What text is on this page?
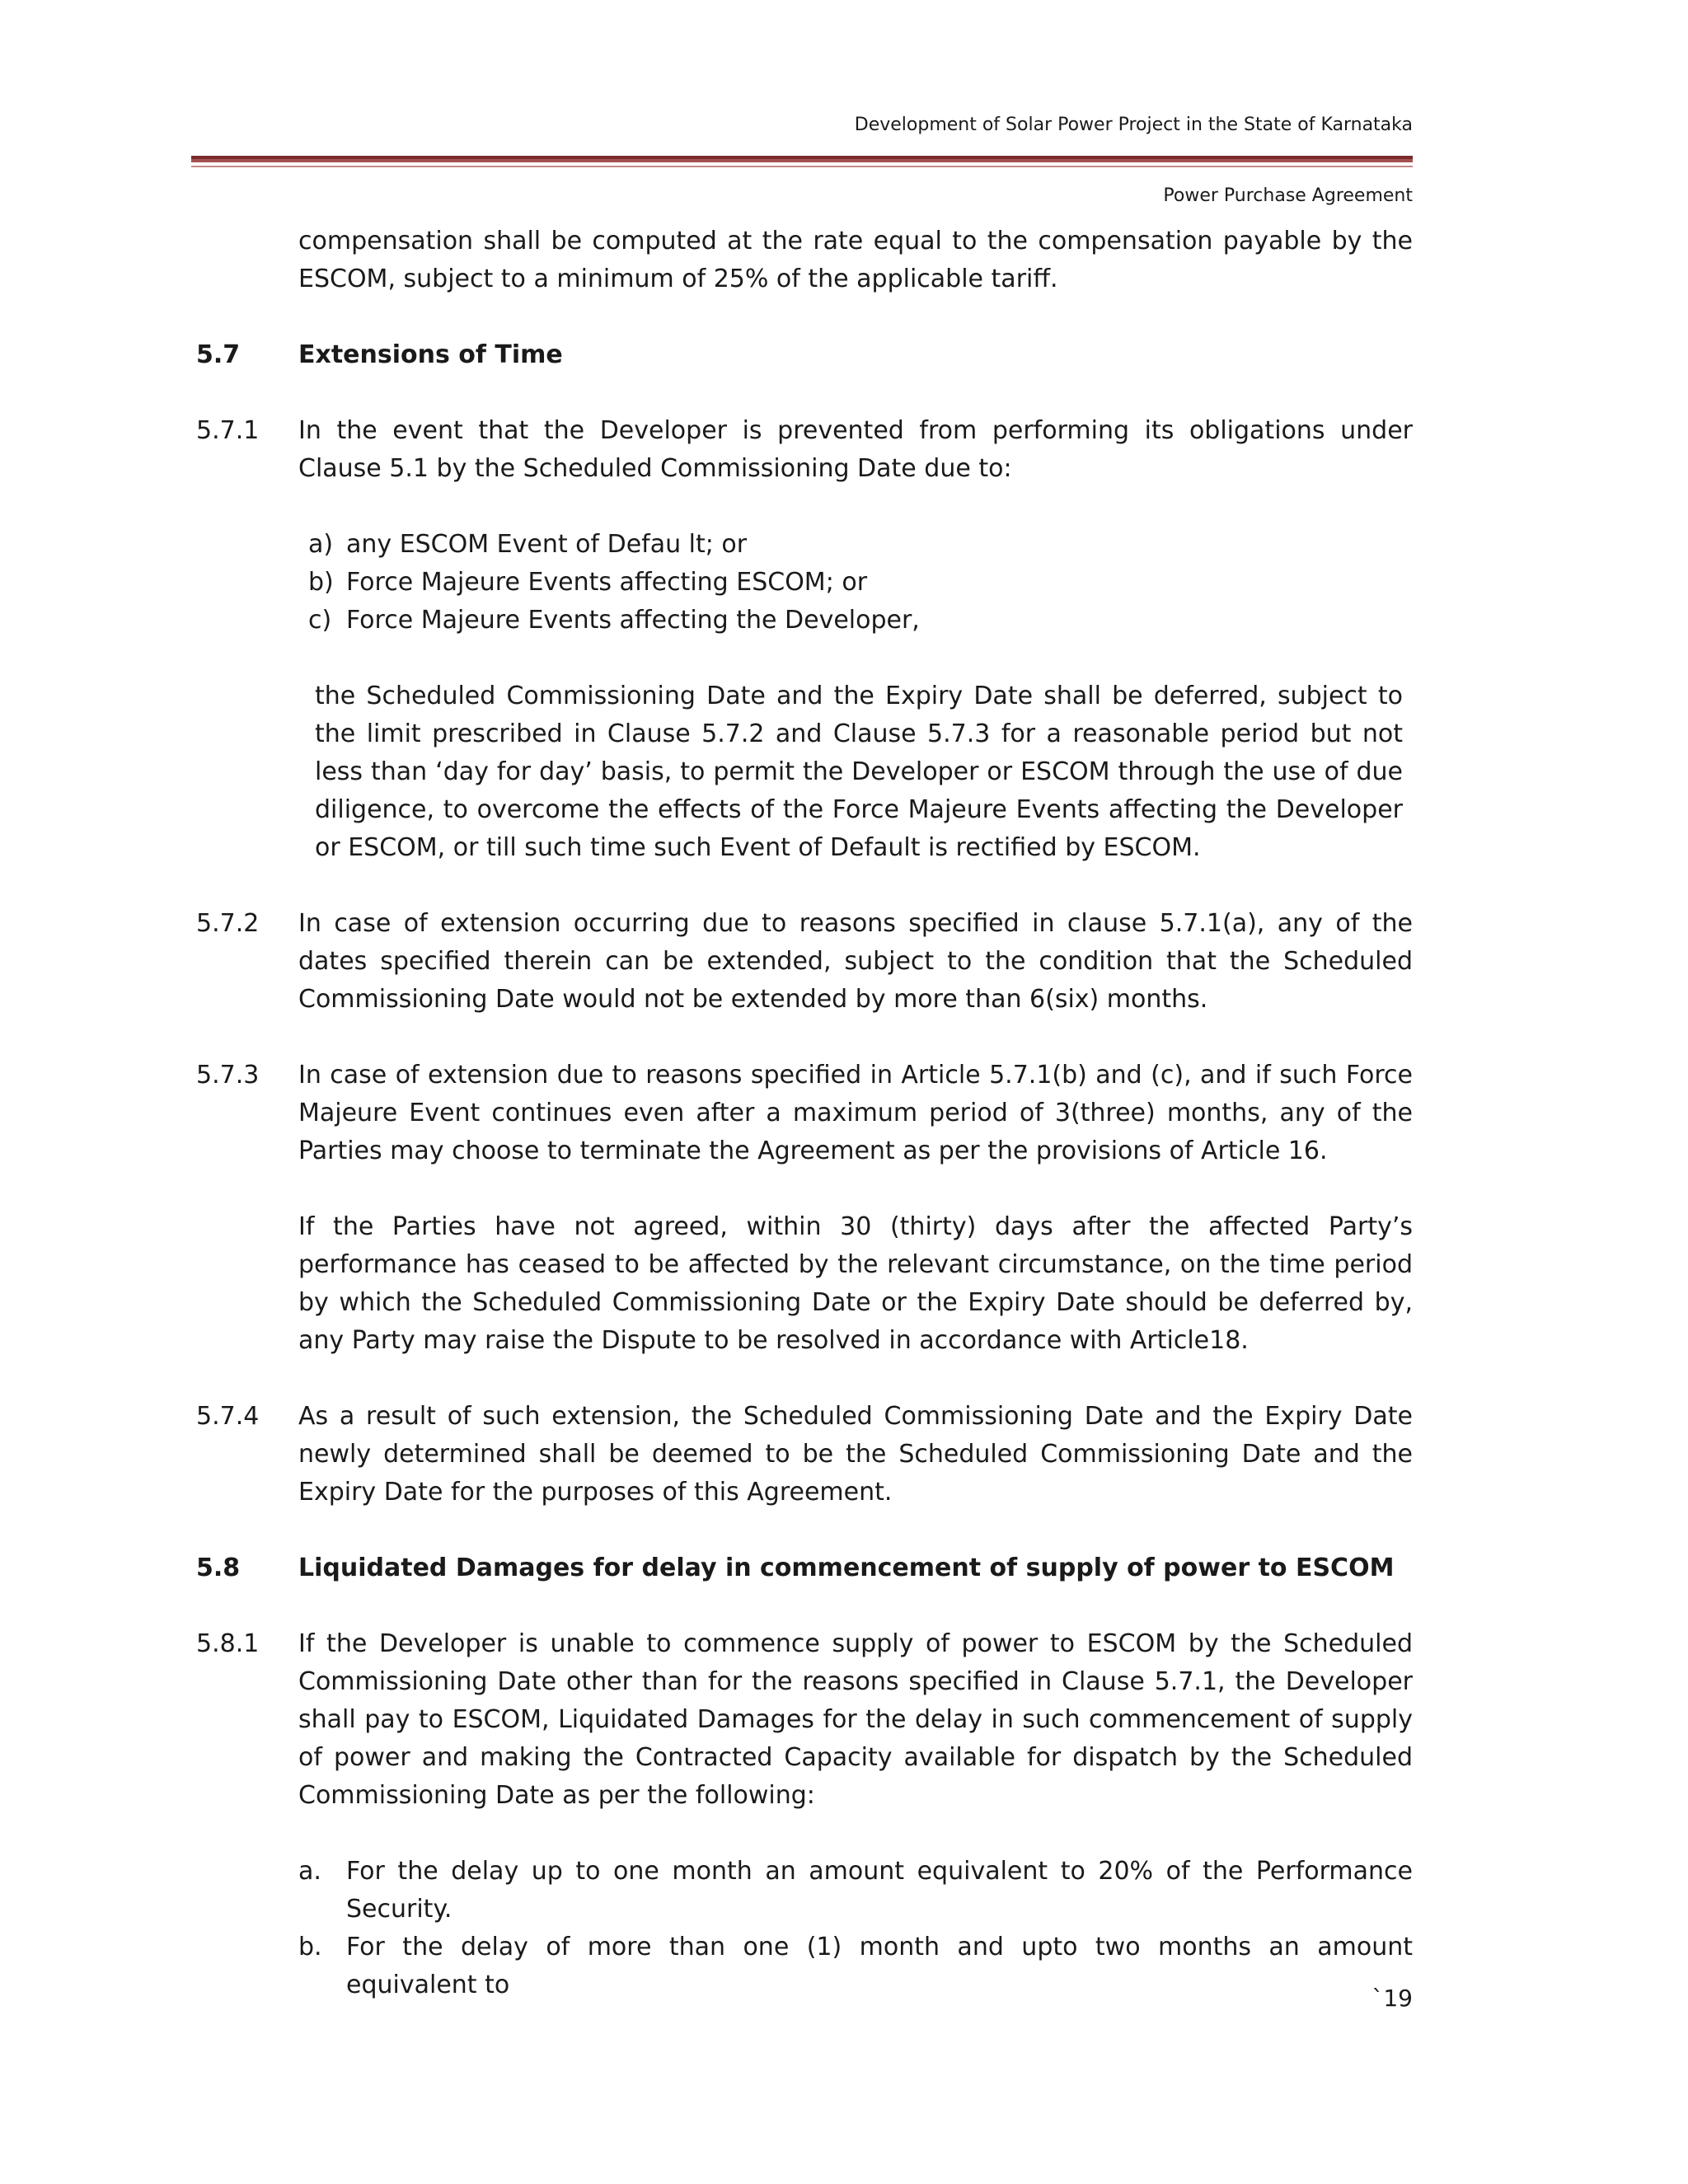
Development of Solar Power Project in the State of Karnataka
Power Purchase Agreement

compensation shall be computed at the rate equal to the compensation payable by the ESCOM, subject to a minimum of 25% of the applicable tariff.

5.7	Extensions of Time
5.7.1	In the event that the Developer is prevented from performing its obligations under Clause 5.1 by the Scheduled Commissioning Date due to:
a) any ESCOM Event of Defau lt; or
b) Force Majeure Events affecting ESCOM; or
c) Force Majeure Events affecting the Developer,

the Scheduled Commissioning Date and the Expiry Date shall be deferred, subject to the limit prescribed in Clause 5.7.2 and Clause 5.7.3 for a reasonable period but not less than ‘day for day’ basis, to permit the Developer or ESCOM through the use of due diligence, to overcome the effects of the Force Majeure Events affecting the Developer or ESCOM, or till such time such Event of Default is rectified by ESCOM.

5.7.2	In case of extension occurring due to reasons specified in clause 5.7.1(a), any of the dates specified therein can be extended, subject to the condition that the Scheduled Commissioning Date would not be extended by more than 6(six) months.
5.7.3	In case of extension due to reasons specified in Article 5.7.1(b) and (c), and if such Force Majeure Event continues even after a maximum period of 3(three) months, any of the Parties may choose to terminate the Agreement as per the provisions of Article 16.

If the Parties have not agreed, within 30 (thirty) days after the affected Party’s performance has ceased to be affected by the relevant circumstance, on the time period by which the Scheduled Commissioning Date or the Expiry Date should be deferred by, any Party may raise the Dispute to be resolved in accordance with Article18.

5.7.4	As a result of such extension, the Scheduled Commissioning Date and the Expiry Date newly determined shall be deemed to be the Scheduled Commissioning Date and the Expiry Date for the purposes of this Agreement.
5.8	Liquidated Damages for delay in commencement of supply of power to ESCOM
5.8.1	If the Developer is unable to commence supply of power to ESCOM by the Scheduled Commissioning Date other than for the reasons specified in Clause 5.7.1, the Developer shall pay to ESCOM, Liquidated Damages for the delay in such commencement of supply of power and making the Contracted Capacity available for dispatch by the Scheduled Commissioning Date as per the following:
a.	For the delay up to one month an amount equivalent to 20% of the Performance Security.
b. For the delay of more than one (1) month and upto two months an amount equivalent to	`19
